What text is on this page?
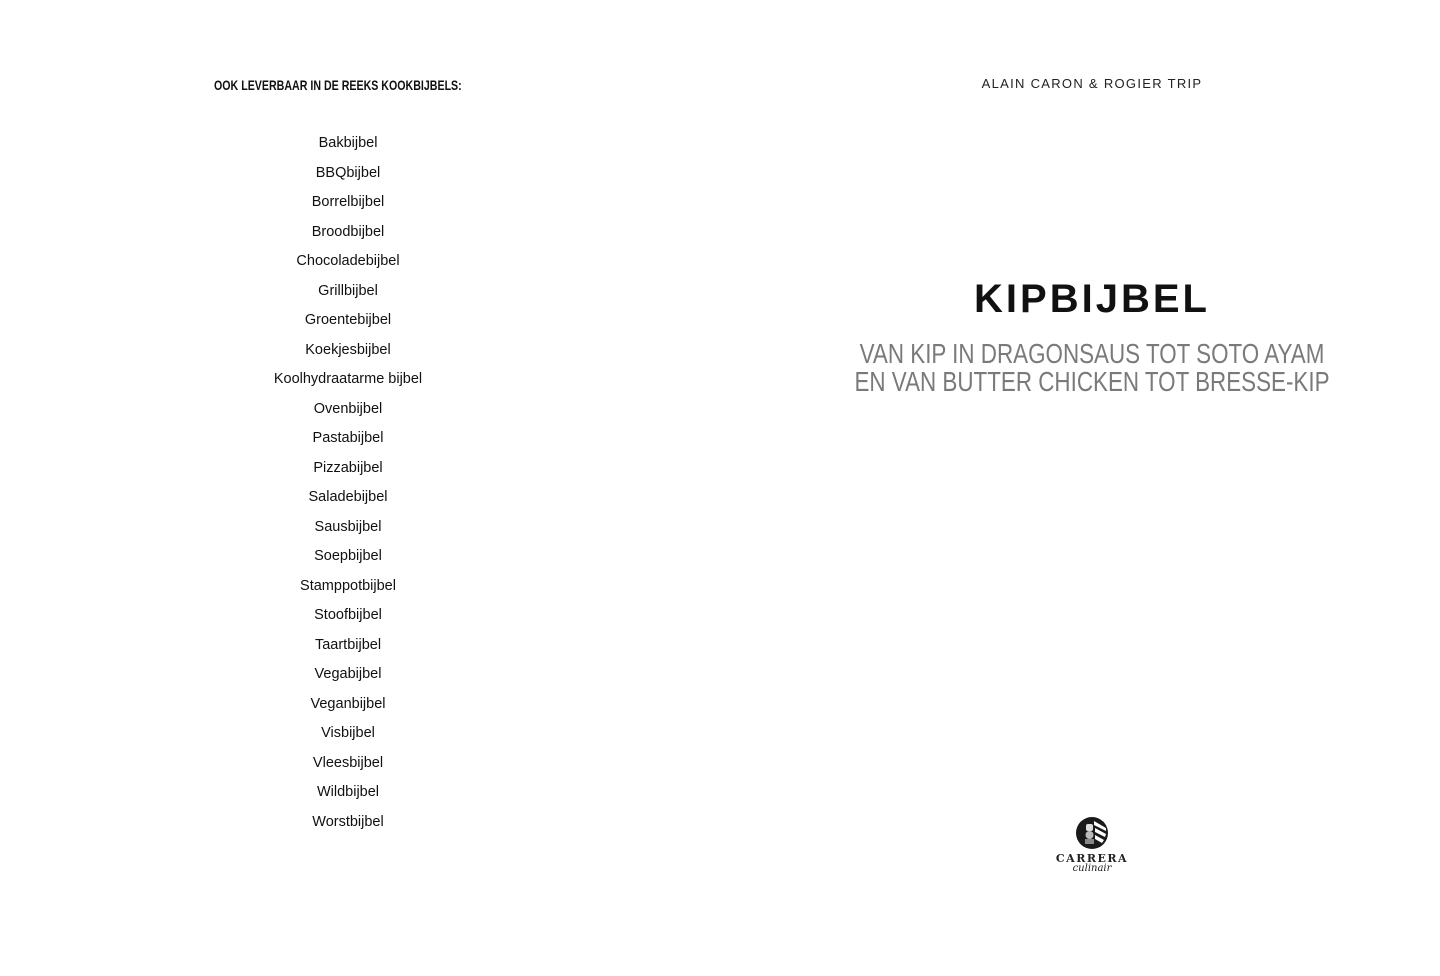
OOK LEVERBAAR IN DE REEKS KOOKBIJBELS:
Bakbijbel
BBQbijbel
Borrelbijbel
Broodbijbel
Chocoladebijbel
Grillbijbel
Groentebijbel
Koekjesbijbel
Koolhydraatarme bijbel
Ovenbijbel
Pastabijbel
Pizzabijbel
Saladebijbel
Sausbijbel
Soepbijbel
Stamppotbijbel
Stoofbijbel
Taartbijbel
Vegabijbel
Veganbijbel
Visbijbel
Vleesbijbel
Wildbijbel
Worstbijbel
ALAIN CARON & ROGIER TRIP
KIPBIJBEL
VAN KIP IN DRAGONSAUS TOT SOTO AYAM
EN VAN BUTTER CHICKEN TOT BRESSE-KIP
CARRERA
culinair
